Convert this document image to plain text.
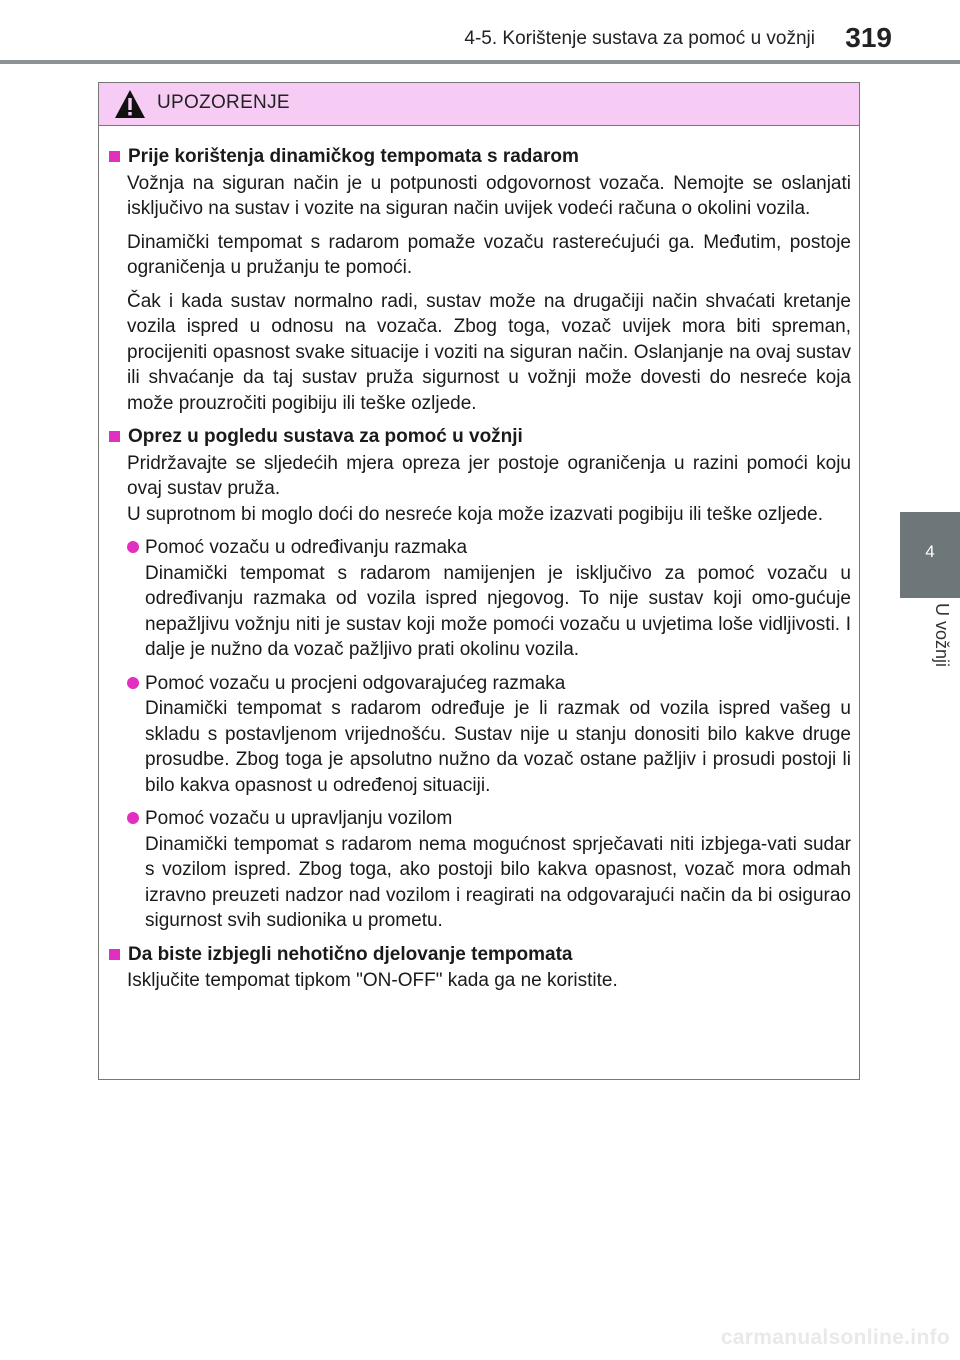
4-5. Korištenje sustava za pomoć u vožnji 319
4
U vožnji
UPOZORENJE
Prije korištenja dinamičkog tempomata s radarom

Vožnja na siguran način je u potpunosti odgovornost vozača. Nemojte se oslanjati isključivo na sustav i vozite na siguran način uvijek vodeći računa o okolini vozila.

Dinamički tempomat s radarom pomaže vozaču rasterećujući ga. Međutim, postoje ograničenja u pružanju te pomoći.

Čak i kada sustav normalno radi, sustav može na drugačiji način shvaćati kretanje vozila ispred u odnosu na vozača. Zbog toga, vozač uvijek mora biti spreman, procijeniti opasnost svake situacije i voziti na siguran način. Oslanjanje na ovaj sustav ili shvaćanje da taj sustav pruža sigurnost u vožnji može dovesti do nesreće koja može prouzročiti pogibiju ili teške ozljede.

Oprez u pogledu sustava za pomoć u vožnji
Pridržavajte se sljedećih mjera opreza jer postoje ograničenja u razini pomoći koju ovaj sustav pruža.
U suprotnom bi moglo doći do nesreće koja može izazvati pogibiju ili teške ozljede.
Pomoć vozaču u određivanju razmaka
Dinamički tempomat s radarom namijenjen je isključivo za pomoć vozaču u određivanju razmaka od vozila ispred njegovog. To nije sustav koji omo-gućuje nepažljivu vožnju niti je sustav koji može pomoći vozaču u uvjetima loše vidljivosti. I dalje je nužno da vozač pažljivo prati okolinu vozila.
Pomoć vozaču u procjeni odgovarajućeg razmaka
Dinamički tempomat s radarom određuje je li razmak od vozila ispred vašeg u skladu s postavljenom vrijednošću. Sustav nije u stanju donositi bilo kakve druge prosudbe. Zbog toga je apsolutno nužno da vozač ostane pažljiv i prosudi postoji li bilo kakva opasnost u određenoj situaciji.
Pomoć vozaču u upravljanju vozilom
Dinamički tempomat s radarom nema mogućnost sprječavati niti izbjega-vati sudar s vozilom ispred. Zbog toga, ako postoji bilo kakva opasnost, vozač mora odmah izravno preuzeti nadzor nad vozilom i reagirati na odgovarajući način da bi osigurao sigurnost svih sudionika u prometu.
Da biste izbjegli nehotično djelovanje tempomata

Isključite tempomat tipkom "ON-OFF" kada ga ne koristite.

carmanualsonline.info
